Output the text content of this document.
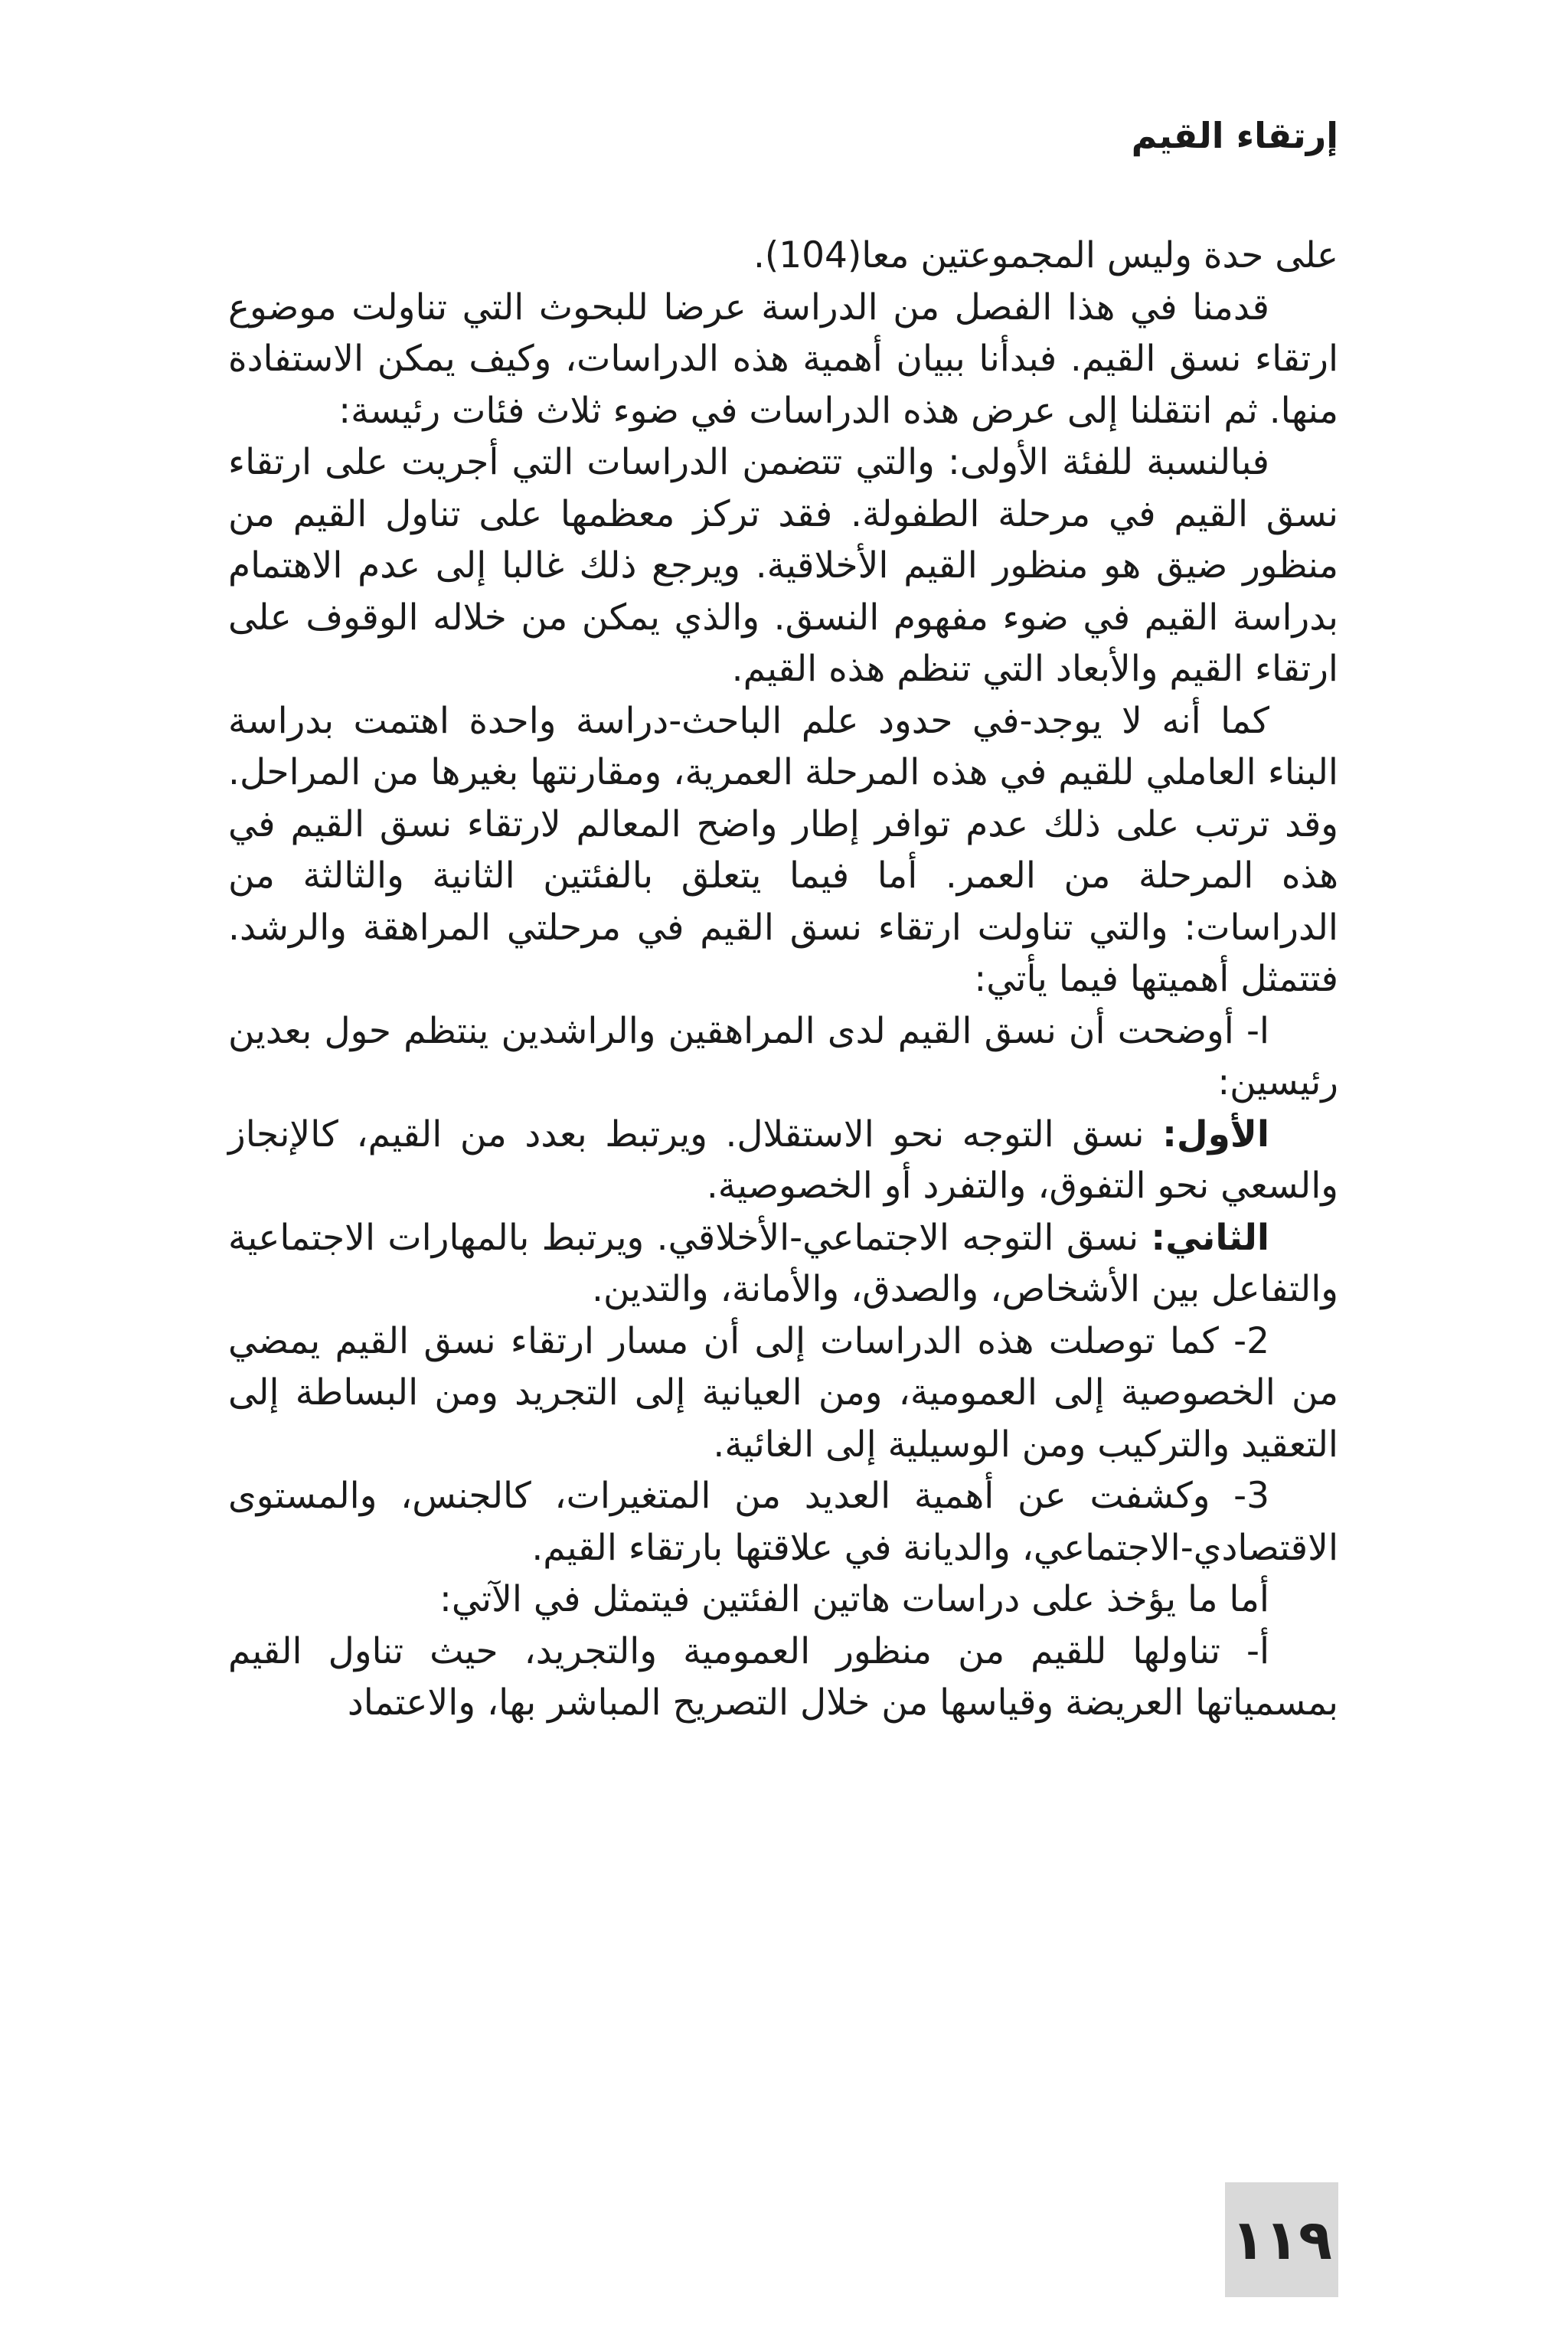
إرتقاء القيم

على حدة وليس المجموعتين معا(104).

قدمنا في هذا الفصل من الدراسة عرضا للبحوث التي تناولت موضوع ارتقاء نسق القيم. فبدأنا ببيان أهمية هذه الدراسات، وكيف يمكن الاستفادة منها. ثم انتقلنا إلى عرض هذه الدراسات في ضوء ثلاث فئات رئيسة:

فبالنسبة للفئة الأولى: والتي تتضمن الدراسات التي أجريت على ارتقاء نسق القيم في مرحلة الطفولة. فقد تركز معظمها على تناول القيم من منظور ضيق هو منظور القيم الأخلاقية. ويرجع ذلك غالبا إلى عدم الاهتمام بدراسة القيم في ضوء مفهوم النسق. والذي يمكن من خلاله الوقوف على ارتقاء القيم والأبعاد التي تنظم هذه القيم.

كما أنه لا يوجد-في حدود علم الباحث-دراسة واحدة اهتمت بدراسة البناء العاملي للقيم في هذه المرحلة العمرية، ومقارنتها بغيرها من المراحل. وقد ترتب على ذلك عدم توافر إطار واضح المعالم لارتقاء نسق القيم في هذه المرحلة من العمر. أما فيما يتعلق بالفئتين الثانية والثالثة من الدراسات: والتي تناولت ارتقاء نسق القيم في مرحلتي المراهقة والرشد. فتتمثل أهميتها فيما يأتي:

ا- أوضحت أن نسق القيم لدى المراهقين والراشدين ينتظم حول بعدين رئيسين:

الأول: نسق التوجه نحو الاستقلال. ويرتبط بعدد من القيم، كالإنجاز والسعي نحو التفوق، والتفرد أو الخصوصية.

الثاني: نسق التوجه الاجتماعي-الأخلاقي. ويرتبط بالمهارات الاجتماعية والتفاعل بين الأشخاص، والصدق، والأمانة، والتدين.

2- كما توصلت هذه الدراسات إلى أن مسار ارتقاء نسق القيم يمضي من الخصوصية إلى العمومية، ومن العيانية إلى التجريد ومن البساطة إلى التعقيد والتركيب ومن الوسيلية إلى الغائية.

3- وكشفت عن أهمية العديد من المتغيرات، كالجنس، والمستوى الاقتصادي-الاجتماعي، والديانة في علاقتها بارتقاء القيم.

أما ما يؤخذ على دراسات هاتين الفئتين فيتمثل في الآتي:

أ- تناولها للقيم من منظور العمومية والتجريد، حيث تناول القيم بمسمياتها العريضة وقياسها من خلال التصريح المباشر بها، والاعتماد

١١٩
